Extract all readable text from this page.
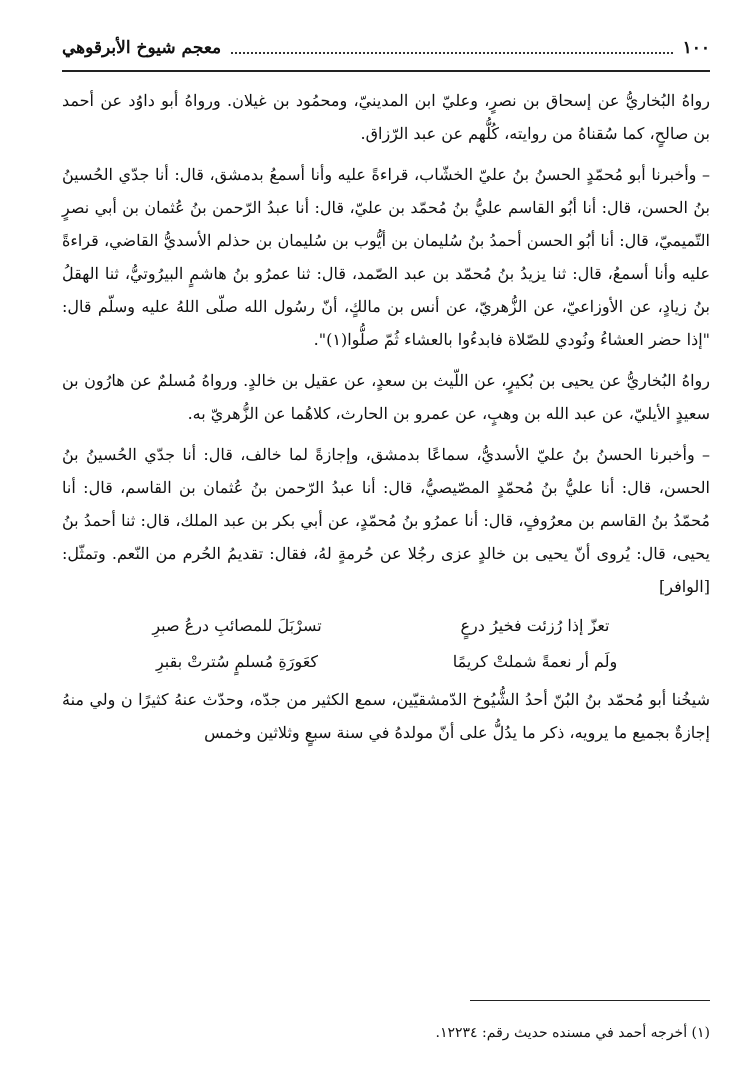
١٠٠
معجم شيوخ الأبرقوهي

رواهُ البُخاريُّ عن إسحاق بن نصرٍ، وعليّ ابن المدينيّ، ومحمُود بن غيلان. ورواهُ أبو داوُد عن أحمد بن صالحٍ، كما سُقناهُ من روايته، كُلُّهم عن عبد الرّزاق.

– وأخبرنا أبو مُحمّدٍ الحسنُ بنُ عليّ الخشّاب، قراءةً عليه وأنا أسمعُ بدمشق، قال: أنا جدّي الحُسينُ بنُ الحسن، قال: أنا أبُو القاسم عليُّ بنُ مُحمّد بن عليّ، قال: أنا عبدُ الرّحمن بنُ عُثمان بن أبي نصرٍ التّميميّ، قال: أنا أبُو الحسن أحمدُ بنُ سُليمان بن أيُّوب بن سُليمان بن حذلم الأسديُّ القاضي، قراءةً عليه وأنا أسمعُ، قال: ثنا يزيدُ بنُ مُحمّد بن عبد الصّمد، قال: ثنا عمرُو بنُ هاشمٍ البيرُوتيُّ، ثنا الهقلُ بنُ زيادٍ، عن الأوزاعيّ، عن الزُّهريّ، عن أنس بن مالكٍ، أنّ رسُول الله صلّى اللهُ عليه وسلّم قال: "إذا حضر العشاءُ ونُودي للصّلاة فابدءُوا بالعشاء ثُمّ صلُّوا(١)".

رواهُ البُخاريُّ عن يحيى بن بُكيرٍ، عن اللّيث بن سعدٍ، عن عقيل بن خالدٍ. ورواهُ مُسلمٌ عن هارُون بن سعيدٍ الأيليّ، عن عبد الله بن وهبٍ، عن عمرو بن الحارث، كلاهُما عن الزُّهريّ به.

– وأخبرنا الحسنُ بنُ عليّ الأسديُّ، سماعًا بدمشق، وإجازةً لما خالف، قال: أنا جدّي الحُسينُ بنُ الحسن، قال: أنا عليُّ بنُ مُحمّدٍ المصّيصيُّ، قال: أنا عبدُ الرّحمن بنُ عُثمان بن القاسم، قال: أنا مُحمّدُ بنُ القاسم بن معرُوفٍ، قال: أنا عمرُو بنُ مُحمّدٍ، عن أبي بكر بن عبد الملك، قال: ثنا أحمدُ بنُ يحيى، قال: يُروى أنّ يحيى بن خالدٍ عزى رجُلا عن حُرمةٍ لهُ، فقال: تقديمُ الحُرم من النّعم. وتمثّل: [الوافر]

تعزّ إذا رُزئت فخيرُ درعٍ
تسرْبَلَ للمصائبِ درعُ صبرِ
ولَم أر نعمةً شملتْ كريمًا
كعَورَةِ مُسلمٍ سُترتْ بقبرِ

شيخُنا أبو مُحمّد بنُ البُنّ أحدُ الشُّيُوخ الدّمشقيّين، سمع الكثير من جدّه، وحدّث عنهُ كثيرًا ن ولي منهُ إجازةٌ بجميع ما يرويه، ذكر ما يدُلُّ على أنّ مولدهُ في سنة سبعٍ وثلاثين وخمس

(١) أخرجه أحمد في مسنده حديث رقم: ١٢٢٣٤.
